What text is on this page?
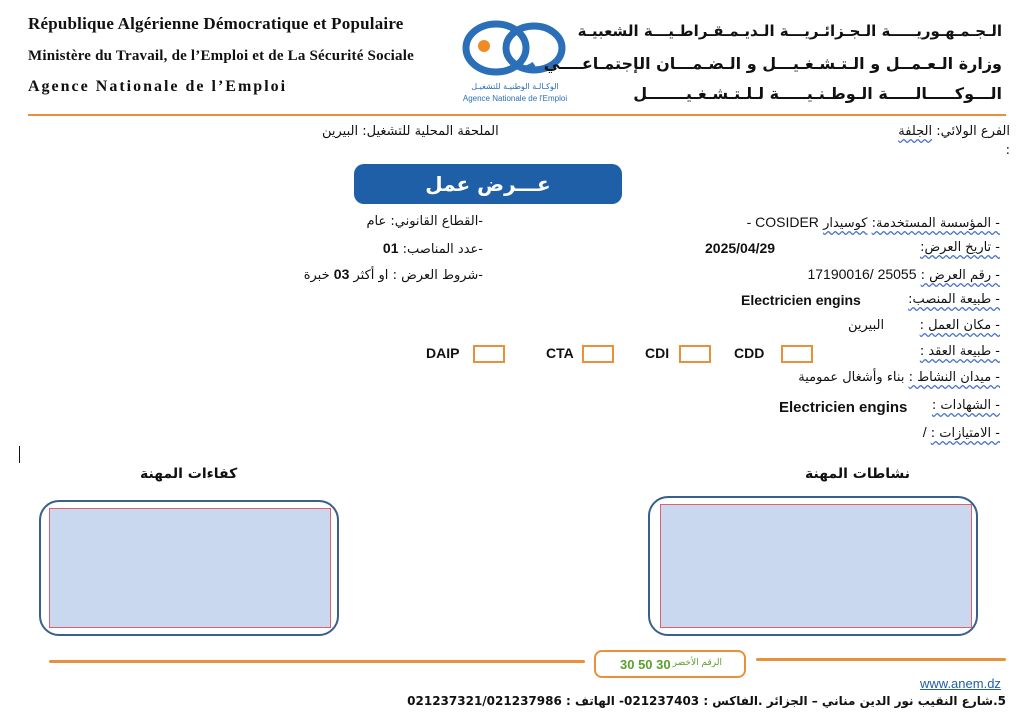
République Algérienne Démocratique et Populaire
Ministère du Travail, de l’Emploi et de La Sécurité Sociale
Agence Nationale de l’Emploi	الوكـالـة الوطنيـة للتشغيـل
Agence Nationale de l'Emploi
الـجـمـهـوريـــــة الـجـزائـريـــة الـديـمـقـراطـيـــة الشعبيـة
وزارة الـعـمــل و الـتـشـغـيـــل و الـضـمـــان الإجتمـاعــــي
الـــوكـــــالـــــة الـوطـنـيـــــة لـلـتـشـغـيـــــــل
الفرع الولائي: الجلفة
:
الملحقة المحلية للتشغيل: البيرين
عـــرض عمل
-القطاع القانوني: عام
-عدد المناصب: 01
-شروط العرض : او أكثر 03 خبرة
- المؤسسة المستخدمة: كوسيدار COSIDER -
- تاريخ العرض:
2025/04/29
- رقم العرض : 25055 /17190016
- طبيعة المنصب:
Electricien engins
- مكان العمل :
البيرين
- طبيعة العقد :
CDD
CDI
CTA
DAIP
- ميدان النشاط : بناء وأشغال عمومية
- الشهادات :
Electricien engins
- الامتيازات : /
نشاطات المهنة
كفاءات المهنة
30 50 30 الرقم الأخضر
www.anem.dz
5.شارع النقيب نور الدين مناني – الجزائر .الفاكس : 021237403- الهاتف : 021237321/021237986
